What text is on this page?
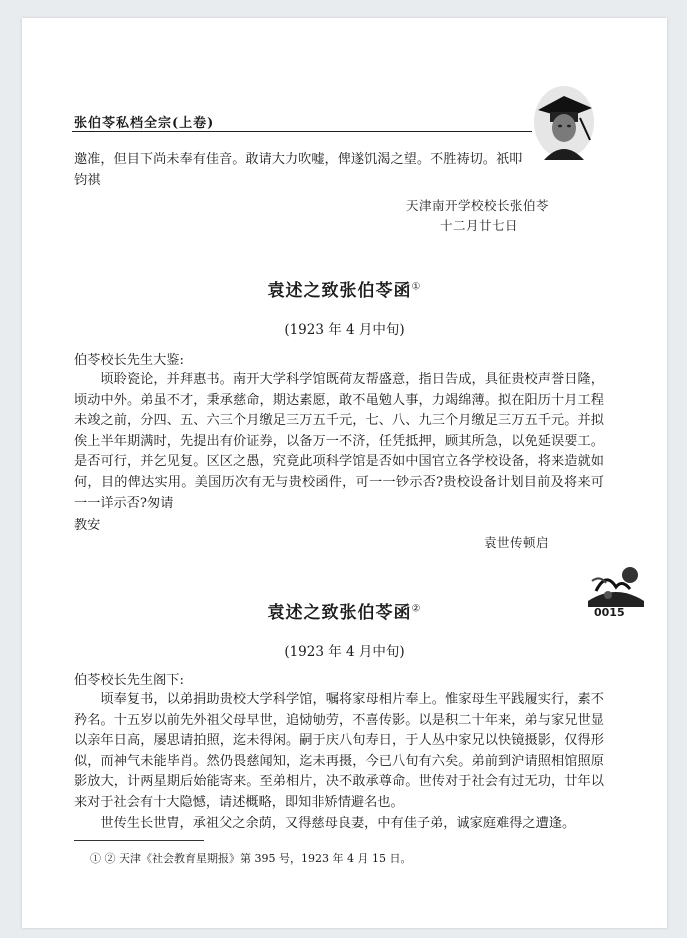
张伯苓私档全宗(上卷)
邀准，但目下尚未奉有佳音。敢请大力吹嘘，俾遂饥渴之望。不胜祷切。祇叩
钧祺
天津南开学校校长张伯苓
十二月廿七日
袁述之致张伯苓函①
(1923 年 4 月中旬)
伯苓校长先生大鉴:
顷聆瓷论，并拜惠书。南开大学科学馆既荷友帮盛意，指日告成，具征贵校声誉日隆，顷动中外。弟虽不才，秉承慈命，期达素愿，敢不黾勉人事，力竭绵薄。拟在阳历十月工程未竣之前，分四、五、六三个月缴足三万五千元，七、八、九三个月缴足三万五千元。并拟俟上半年期满时，先提出有价证券，以备万一不济，任凭抵押，顾其所急，以免延误要工。是否可行，并乞见复。区区之愚，究竟此项科学馆是否如中国官立各学校设备，将来造就如何，目的俾达实用。美国历次有无与贵校函件，可一一钞示否?贵校设备计划目前及将来可一一详示否?匆请
教安
袁世传顿启
0015
袁述之致张伯苓函②
(1923 年 4 月中旬)
伯苓校长先生阁下:
顷奉复书，以弟捐助贵校大学科学馆，嘱将家母相片奉上。惟家母生平践履实行，素不矜名。十五岁以前先外祖父母早世，追恸劬劳，不喜传影。以是积二十年来，弟与家兄世显以亲年日高，屡思请拍照，迄未得闲。嗣于庆八旬寿日，于人丛中家兄以快镜摄影，仅得形似，而神气未能毕肖。然仍畏慈闻知，迄未再摄，今已八旬有六矣。弟前到沪请照相馆照原影放大，计两星期后始能寄来。至弟相片，决不敢承尊命。世传对于社会有过无功，廿年以来对于社会有十大隐憾，请述概略，即知非矫情避名也。
世传生长世胄，承祖父之余荫，又得慈母良妻，中有佳子弟，诚家庭难得之遭逢。
① ② 天津《社会教育星期报》第 395 号，1923 年 4 月 15 日。
